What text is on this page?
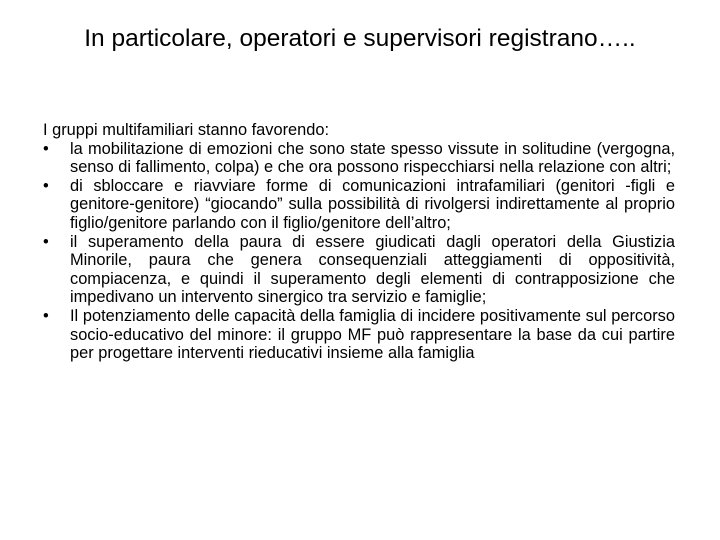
In particolare, operatori e supervisori registrano…..

I gruppi multifamiliari stanno favorendo:

•	la mobilitazione di emozioni che sono state spesso vissute in solitudine (vergogna, senso di fallimento, colpa) e che ora possono rispecchiarsi nella relazione con altri;
•	di sbloccare e riavviare forme di comunicazioni intrafamiliari (genitori -figli e genitore-genitore) “giocando” sulla possibilità di rivolgersi indirettamente al proprio figlio/genitore parlando con il figlio/genitore dell’altro;
•	il superamento della paura di essere giudicati dagli operatori della Giustizia Minorile, paura che genera consequenziali atteggiamenti di oppositività, compiacenza, e quindi il superamento degli elementi di contrapposizione che impedivano un intervento sinergico tra servizio e famiglie;
•	Il potenziamento delle capacità della famiglia di incidere positivamente sul percorso socio-educativo del minore: il gruppo MF può rappresentare la base da cui partire per progettare interventi rieducativi insieme alla famiglia
